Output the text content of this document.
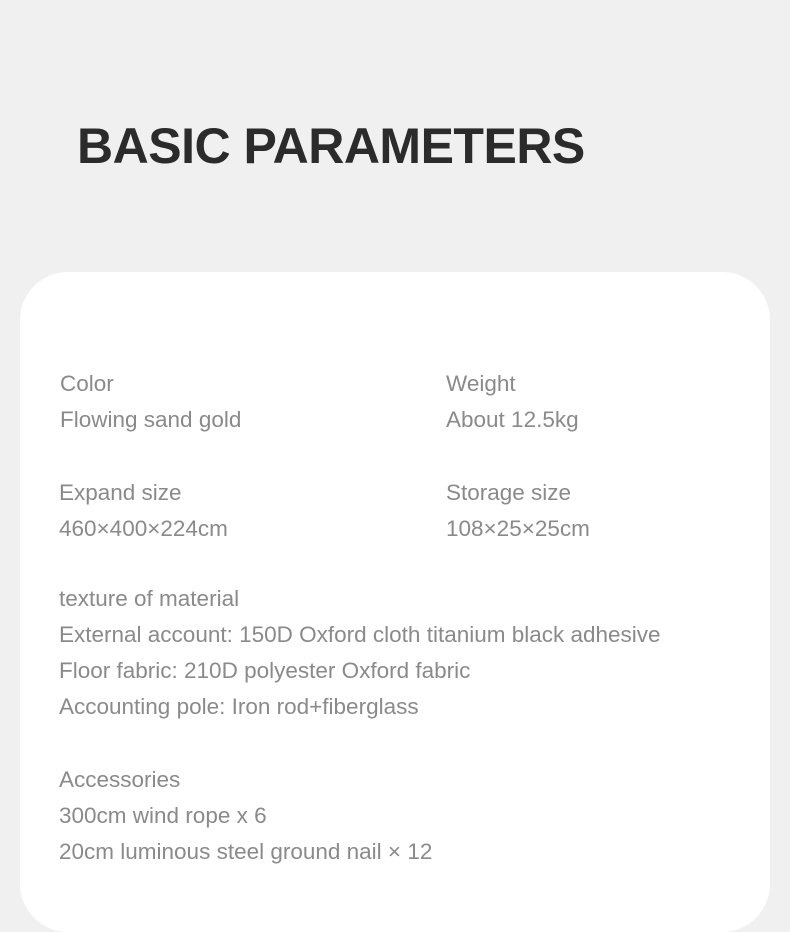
BASIC PARAMETERS
Color
Flowing sand gold
Weight
About 12.5kg
Expand size
460×400×224cm
Storage size
108×25×25cm
texture of material
External account: 150D Oxford cloth titanium black adhesive
Floor fabric: 210D polyester Oxford fabric
Accounting pole: Iron rod+fiberglass
Accessories
300cm wind rope x 6
20cm luminous steel ground nail × 12
